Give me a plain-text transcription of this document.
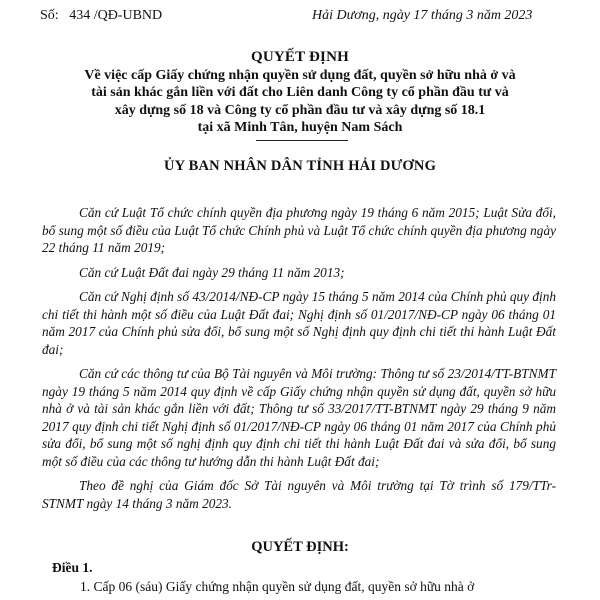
Số: 434 /QĐ-UBND	Hải Dương, ngày 17 tháng 3 năm 2023
QUYẾT ĐỊNH
Về việc cấp Giấy chứng nhận quyền sử dụng đất, quyền sở hữu nhà ở và
tài sản khác gắn liền với đất cho Liên danh Công ty cổ phần đầu tư và
xây dựng số 18 và Công ty cổ phần đầu tư và xây dựng số 18.1
tại xã Minh Tân, huyện Nam Sách
ỦY BAN NHÂN DÂN TỈNH HẢI DƯƠNG

Căn cứ Luật Tổ chức chính quyền địa phương ngày 19 tháng 6 năm 2015; Luật Sửa đổi, bổ sung một số điều của Luật Tổ chức Chính phủ và Luật Tổ chức chính quyền địa phương ngày 22 tháng 11 năm 2019;

Căn cứ Luật Đất đai ngày 29 tháng 11 năm 2013;

Căn cứ Nghị định số 43/2014/NĐ-CP ngày 15 tháng 5 năm 2014 của Chính phủ quy định chi tiết thi hành một số điều của Luật Đất đai; Nghị định số 01/2017/NĐ-CP ngày 06 tháng 01 năm 2017 của Chính phủ sửa đổi, bổ sung một số Nghị định quy định chi tiết thi hành Luật Đất đai;

Căn cứ các thông tư của Bộ Tài nguyên và Môi trường: Thông tư số 23/2014/TT-BTNMT ngày 19 tháng 5 năm 2014 quy định về cấp Giấy chứng nhận quyền sử dụng đất, quyền sở hữu nhà ở và tài sản khác gắn liền với đất; Thông tư số 33/2017/TT-BTNMT ngày 29 tháng 9 năm 2017 quy định chi tiết Nghị định số 01/2017/NĐ-CP ngày 06 tháng 01 năm 2017 của Chính phủ sửa đổi, bổ sung một số nghị định quy định chi tiết thi hành Luật Đất đai và sửa đổi, bổ sung một số điều của các thông tư hướng dẫn thi hành Luật Đất đai;

Theo đề nghị của Giám đốc Sở Tài nguyên và Môi trường tại Tờ trình số 179/TTr-STNMT ngày 14 tháng 3 năm 2023.

QUYẾT ĐỊNH:
Điều 1.
1. Cấp 06 (sáu) Giấy chứng nhận quyền sử dụng đất, quyền sở hữu nhà ở
